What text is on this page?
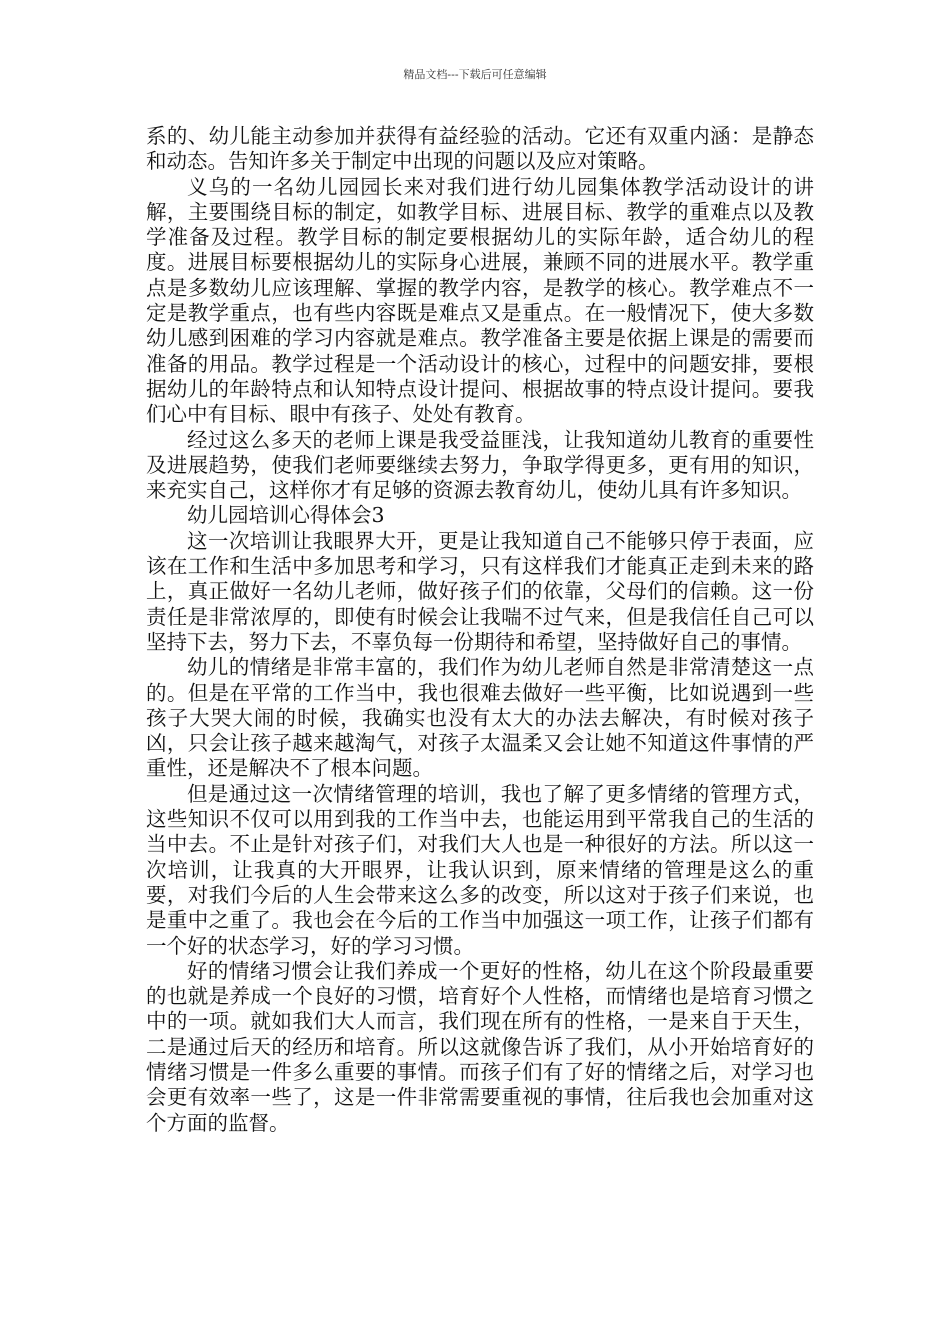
精品文档---下载后可任意编辑

系的、幼儿能主动参加并获得有益经验的活动。它还有双重内涵：是静态和动态。告知许多关于制定中出现的问题以及应对策略。

义乌的一名幼儿园园长来对我们进行幼儿园集体教学活动设计的讲解，主要围绕目标的制定，如教学目标、进展目标、教学的重难点以及教学准备及过程。教学目标的制定要根据幼儿的实际年龄，适合幼儿的程度。进展目标要根据幼儿的实际身心进展，兼顾不同的进展水平。教学重点是多数幼儿应该理解、掌握的教学内容，是教学的核心。教学难点不一定是教学重点，也有些内容既是难点又是重点。在一般情况下，使大多数幼儿感到困难的学习内容就是难点。教学准备主要是依据上课是的需要而准备的用品。教学过程是一个活动设计的核心，过程中的问题安排，要根据幼儿的年龄特点和认知特点设计提问、根据故事的特点设计提问。要我们心中有目标、眼中有孩子、处处有教育。

经过这么多天的老师上课是我受益匪浅，让我知道幼儿教育的重要性及进展趋势，使我们老师要继续去努力，争取学得更多，更有用的知识，来充实自己，这样你才有足够的资源去教育幼儿，使幼儿具有许多知识。

幼儿园培训心得体会3

这一次培训让我眼界大开，更是让我知道自己不能够只停于表面，应该在工作和生活中多加思考和学习，只有这样我们才能真正走到未来的路上，真正做好一名幼儿老师，做好孩子们的依靠，父母们的信赖。这一份责任是非常浓厚的，即使有时候会让我喘不过气来，但是我信任自己可以坚持下去，努力下去，不辜负每一份期待和希望，坚持做好自己的事情。

幼儿的情绪是非常丰富的，我们作为幼儿老师自然是非常清楚这一点的。但是在平常的工作当中，我也很难去做好一些平衡，比如说遇到一些孩子大哭大闹的时候，我确实也没有太大的办法去解决，有时候对孩子凶，只会让孩子越来越淘气，对孩子太温柔又会让她不知道这件事情的严重性，还是解决不了根本问题。

但是通过这一次情绪管理的培训，我也了解了更多情绪的管理方式，这些知识不仅可以用到我的工作当中去，也能运用到平常我自己的生活的当中去。不止是针对孩子们，对我们大人也是一种很好的方法。所以这一次培训，让我真的大开眼界，让我认识到，原来情绪的管理是这么的重要，对我们今后的人生会带来这么多的改变，所以这对于孩子们来说，也是重中之重了。我也会在今后的工作当中加强这一项工作，让孩子们都有一个好的状态学习，好的学习习惯。

好的情绪习惯会让我们养成一个更好的性格，幼儿在这个阶段最重要的也就是养成一个良好的习惯，培育好个人性格，而情绪也是培育习惯之中的一项。就如我们大人而言，我们现在所有的性格，一是来自于天生，二是通过后天的经历和培育。所以这就像告诉了我们，从小开始培育好的情绪习惯是一件多么重要的事情。而孩子们有了好的情绪之后，对学习也会更有效率一些了，这是一件非常需要重视的事情，往后我也会加重对这个方面的监督。
